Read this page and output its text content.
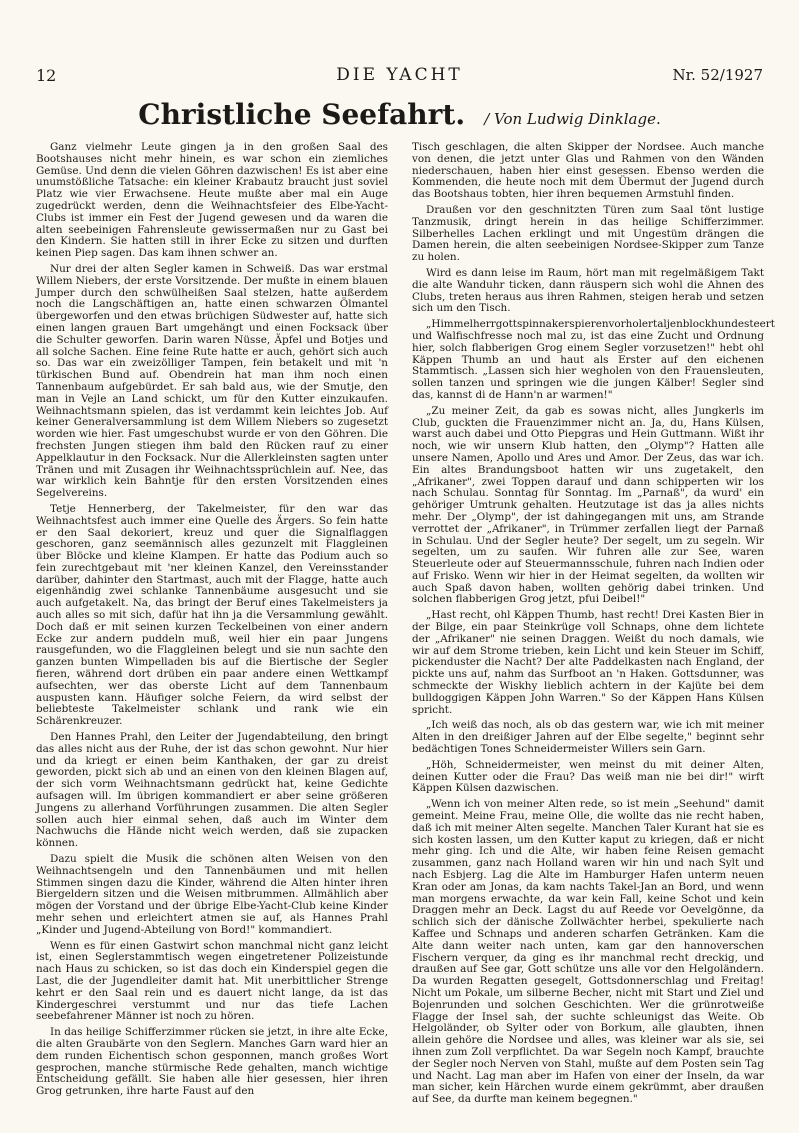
12	DIE YACHT	Nr. 52/1927
Christliche Seefahrt. / Von Ludwig Dinklage.

Ganz vielmehr Leute gingen ja in den großen Saal des Bootshauses nicht mehr hinein, es war schon ein ziemliches Gemüse. Und denn die vielen Göhren dazwischen! Es ist aber eine unumstößliche Tatsache: ein kleiner Krabautz braucht just soviel Platz wie vier Erwachsene. Heute mußte aber mal ein Auge zugedrückt werden, denn die Weihnachtsfeier des Elbe-Yacht-Clubs ist immer ein Fest der Jugend gewesen und da waren die alten seebeinigen Fahrensleute gewissermaßen nur zu Gast bei den Kindern. Sie hatten still in ihrer Ecke zu sitzen und durften keinen Piep sagen. Das kam ihnen schwer an.

Nur drei der alten Segler kamen in Schweiß. Das war erstmal Willem Niebers, der erste Vorsitzende. Der mußte in einem blauen Jumper durch den schwülheißen Saal stelzen, hatte außerdem noch die Langschäftigen an, hatte einen schwarzen Ölmantel übergeworfen und den etwas brüchigen Südwester auf, hatte sich einen langen grauen Bart umgehängt und einen Focksack über die Schulter geworfen. Darin waren Nüsse, Äpfel und Botjes und all solche Sachen. Eine feine Rute hatte er auch, gehört sich auch so. Das war ein zweizölliger Tampen, fein betakelt und mit 'n türkischen Bund auf. Obendrein hat man ihm noch einen Tannenbaum aufgebürdet. Er sah bald aus, wie der Smutje, den man in Vejle an Land schickt, um für den Kutter einzukaufen. Weihnachtsmann spielen, das ist verdammt kein leichtes Job. Auf keiner Generalversammlung ist dem Willem Niebers so zugesetzt worden wie hier. Fast umgeschubst wurde er von den Göhren. Die frechsten Jungen stiegen ihm bald den Rücken rauf zu einer Appelklautur in den Focksack. Nur die Allerkleinsten sagten unter Tränen und mit Zusagen ihr Weihnachtssprüchlein auf. Nee, das war wirklich kein Bahntje für den ersten Vorsitzenden eines Segelvereins.

Tetje Hennerberg, der Takelmeister, für den war das Weihnachtsfest auch immer eine Quelle des Ärgers. So fein hatte er den Saal dekoriert, kreuz und quer die Signalflaggen geschoren, ganz seemännisch alles gezunzelt mit Flaggleinen über Blöcke und kleine Klampen. Er hatte das Podium auch so fein zurechtgebaut mit 'ner kleinen Kanzel, den Vereinsstander darüber, dahinter den Startmast, auch mit der Flagge, hatte auch eigenhändig zwei schlanke Tannenbäume ausgesucht und sie auch aufgetakelt. Na, das bringt der Beruf eines Takelmeisters ja auch alles so mit sich, dafür hat ihn ja die Versammlung gewählt. Doch daß er mit seinen kurzen Teckelbeinen von einer andern Ecke zur andern puddeln muß, weil hier ein paar Jungens rausgefunden, wo die Flaggleinen belegt und sie nun sachte den ganzen bunten Wimpelladen bis auf die Biertische der Segler fieren, während dort drüben ein paar andere einen Wettkampf aufsechten, wer das oberste Licht auf dem Tannenbaum auspusten kann. Häufiger solche Feiern, da wird selbst der beliebteste Takelmeister schlank und rank wie ein Schärenkreuzer.

Den Hannes Prahl, den Leiter der Jugendabteilung, den bringt das alles nicht aus der Ruhe, der ist das schon gewohnt. Nur hier und da kriegt er einen beim Kanthaken, der gar zu dreist geworden, pickt sich ab und an einen von den kleinen Blagen auf, der sich vorm Weihnachtsmann gedrückt hat, keine Gedichte aufsagen will. Im übrigen kommandiert er aber seine größeren Jungens zu allerhand Vorführungen zusammen. Die alten Segler sollen auch hier einmal sehen, daß auch im Winter dem Nachwuchs die Hände nicht weich werden, daß sie zupacken können.

Dazu spielt die Musik die schönen alten Weisen von den Weihnachtsengeln und den Tannenbäumen und mit hellen Stimmen singen dazu die Kinder, während die Alten hinter ihren Biergeldern sitzen und die Weisen mitbrummen. Allmählich aber mögen der Vorstand und der übrige Elbe-Yacht-Club keine Kinder mehr sehen und erleichtert atmen sie auf, als Hannes Prahl „Kinder und Jugend-Abteilung von Bord!" kommandiert.

Wenn es für einen Gastwirt schon manchmal nicht ganz leicht ist, einen Seglerstammtisch wegen eingetretener Polizeistunde nach Haus zu schicken, so ist das doch ein Kinderspiel gegen die Last, die der Jugendleiter damit hat. Mit unerbittlicher Strenge kehrt er den Saal rein und es dauert nicht lange, da ist das Kindergeschrei verstummt und nur das tiefe Lachen seebefahrener Männer ist noch zu hören.

In das heilige Schifferzimmer rücken sie jetzt, in ihre alte Ecke, die alten Graubärte von den Seglern. Manches Garn ward hier an dem runden Eichentisch schon gesponnen, manch großes Wort gesprochen, manche stürmische Rede gehalten, manch wichtige Entscheidung gefällt. Sie haben alle hier gesessen, hier ihren Grog getrunken, ihre harte Faust auf den

Tisch geschlagen, die alten Skipper der Nordsee. Auch manche von denen, die jetzt unter Glas und Rahmen von den Wänden niederschauen, haben hier einst gesessen. Ebenso werden die Kommenden, die heute noch mit dem Übermut der Jugend durch das Bootshaus tobten, hier ihren bequemen Armstuhl finden.

Draußen vor den geschnitzten Türen zum Saal tönt lustige Tanzmusik, dringt herein in das heilige Schifferzimmer. Silberhelles Lachen erklingt und mit Ungestüm drängen die Damen herein, die alten seebeinigen Nordsee-Skipper zum Tanze zu holen.

Wird es dann leise im Raum, hört man mit regelmäßigem Takt die alte Wanduhr ticken, dann räuspern sich wohl die Ahnen des Clubs, treten heraus aus ihren Rahmen, steigen herab und setzen sich um den Tisch.

„Himmelherrgottspinnakerspierenvorholertaljenblockhundesteert und Walfischfresse noch mal zu, ist das eine Zucht und Ordnung hier, solch flabberigen Grog einem Segler vorzusetzen!" hebt ohl Käppen Thumb an und haut als Erster auf den eichenen Stammtisch. „Lassen sich hier wegholen von den Frauensleuten, sollen tanzen und springen wie die jungen Kälber! Segler sind das, kannst di de Hann'n ar warmen!"

„Zu meiner Zeit, da gab es sowas nicht, alles Jungkerls im Club, guckten die Frauenzimmer nicht an. Ja, du, Hans Külsen, warst auch dabei und Otto Piepgras und Hein Guttmann. Wißt ihr noch, wie wir unsern Klub hatten, den „Olymp"? Hatten alle unsere Namen, Apollo und Ares und Amor. Der Zeus, das war ich. Ein altes Brandungsboot hatten wir uns zugetakelt, den „Afrikaner", zwei Toppen darauf und dann schipperten wir los nach Schulau. Sonntag für Sonntag. Im „Parnaß", da wurd' ein gehöriger Umtrunk gehalten. Heutzutage ist das ja alles nichts mehr. Der „Olymp", der ist dahingegangen mit uns, am Strande verrottet der „Afrikaner", in Trümmer zerfallen liegt der Parnaß in Schulau. Und der Segler heute? Der segelt, um zu segeln. Wir segelten, um zu saufen. Wir fuhren alle zur See, waren Steuerleute oder auf Steuermannsschule, fuhren nach Indien oder auf Frisko. Wenn wir hier in der Heimat segelten, da wollten wir auch Spaß davon haben, wollten gehörig dabei trinken. Und solchen flabberigen Grog jetzt, pfui Deibel!"

„Hast recht, ohl Käppen Thumb, hast recht! Drei Kasten Bier in der Bilge, ein paar Steinkrüge voll Schnaps, ohne dem lichtete der „Afrikaner" nie seinen Draggen. Weißt du noch damals, wie wir auf dem Strome trieben, kein Licht und kein Steuer im Schiff, pickenduster die Nacht? Der alte Paddelkasten nach England, der pickte uns auf, nahm das Surfboot an 'n Haken. Gottsdunner, was schmeckte der Wiskhy lieblich achtern in der Kajüte bei dem bulldoggigen Käppen John Warren." So der Käppen Hans Külsen spricht.

„Ich weiß das noch, als ob das gestern war, wie ich mit meiner Alten in den dreißiger Jahren auf der Elbe segelte," beginnt sehr bedächtigen Tones Schneidermeister Willers sein Garn.

„Höh, Schneidermeister, wen meinst du mit deiner Alten, deinen Kutter oder die Frau? Das weiß man nie bei dir!" wirft Käppen Külsen dazwischen.

„Wenn ich von meiner Alten rede, so ist mein „Seehund" damit gemeint. Meine Frau, meine Olle, die wollte das nie recht haben, daß ich mit meiner Alten segelte. Manchen Taler Kurant hat sie es sich kosten lassen, um den Kutter kaput zu kriegen, daß er nicht mehr ging. Ich und die Alte, wir haben feine Reisen gemacht zusammen, ganz nach Holland waren wir hin und nach Sylt und nach Esbjerg. Lag die Alte im Hamburger Hafen unterm neuen Kran oder am Jonas, da kam nachts Takel-Jan an Bord, und wenn man morgens erwachte, da war kein Fall, keine Schot und kein Draggen mehr an Deck. Lagst du auf Reede vor Oevelgönne, da schlich sich der dänische Zollwächter herbei, spekulierte nach Kaffee und Schnaps und anderen scharfen Getränken. Kam die Alte dann weiter nach unten, kam gar den hannoverschen Fischern verquer, da ging es ihr manchmal recht dreckig, und draußen auf See gar, Gott schütze uns alle vor den Helgoländern. Da wurden Regatten gesegelt, Gottsdonnerschlag und Freitag! Nicht um Pokale, um silberne Becher, nicht mit Start und Ziel und Bojenrunden und solchen Geschichten. Wer die grünrotweiße Flagge der Insel sah, der suchte schleunigst das Weite. Ob Helgoländer, ob Sylter oder von Borkum, alle glaubten, ihnen allein gehöre die Nordsee und alles, was kleiner war als sie, sei ihnen zum Zoll verpflichtet. Da war Segeln noch Kampf, brauchte der Segler noch Nerven von Stahl, mußte auf dem Posten sein Tag und Nacht. Lag man aber im Hafen von einer der Inseln, da war man sicher, kein Härchen wurde einem gekrümmt, aber draußen auf See, da durfte man keinem begegnen."
